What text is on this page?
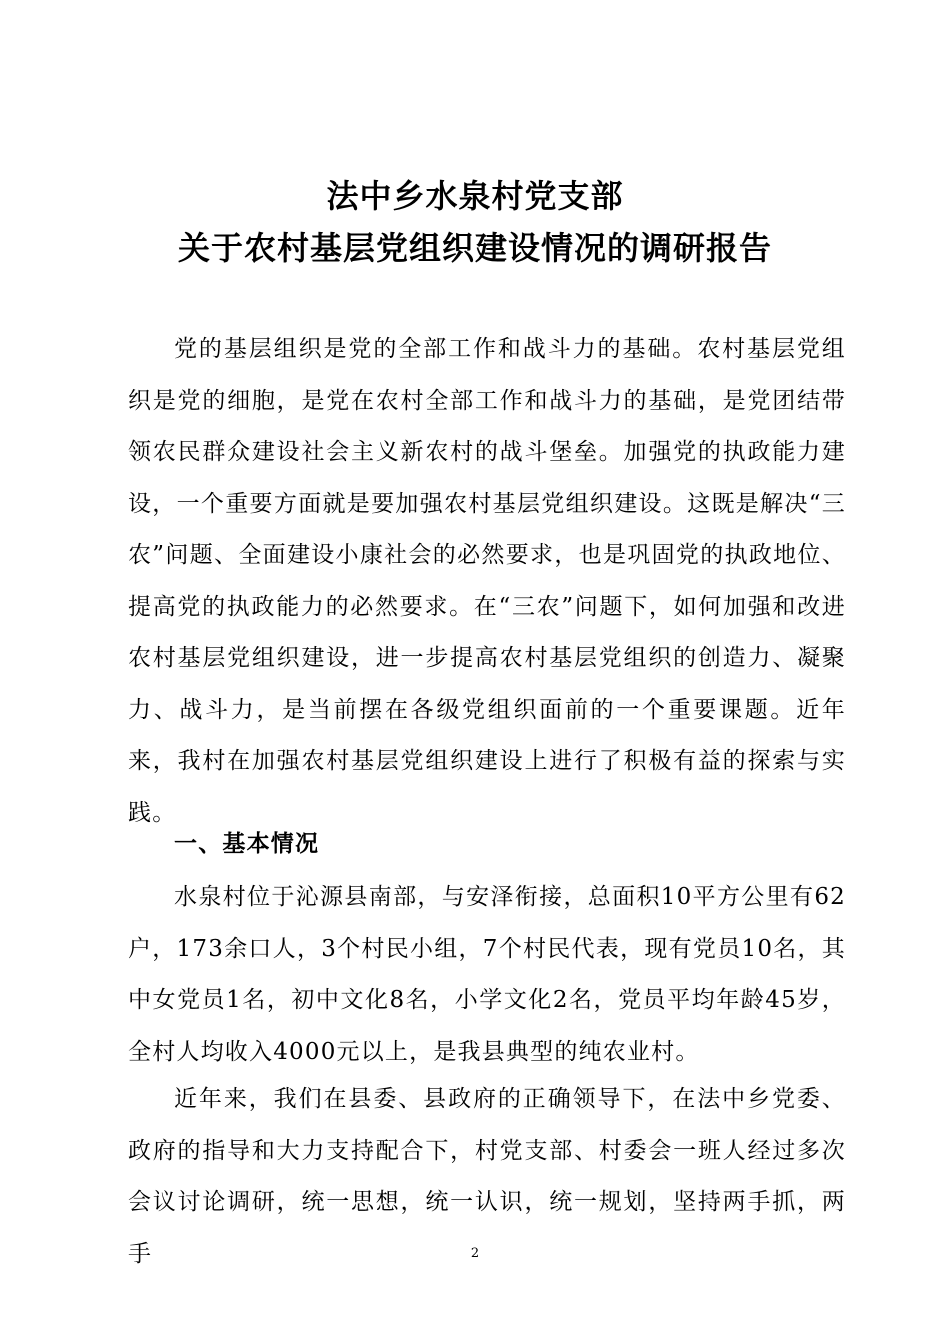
法中乡水泉村党支部
关于农村基层党组织建设情况的调研报告
党的基层组织是党的全部工作和战斗力的基础。农村基层党组织是党的细胞，是党在农村全部工作和战斗力的基础，是党团结带领农民群众建设社会主义新农村的战斗堡垒。加强党的执政能力建设，一个重要方面就是要加强农村基层党组织建设。这既是解决“三农”问题、全面建设小康社会的必然要求，也是巩固党的执政地位、提高党的执政能力的必然要求。在“三农”问题下，如何加强和改进农村基层党组织建设，进一步提高农村基层党组织的创造力、凝聚力、战斗力，是当前摆在各级党组织面前的一个重要课题。近年来，我村在加强农村基层党组织建设上进行了积极有益的探索与实践。
一、基本情况
水泉村位于沁源县南部，与安泽衔接，总面积10平方公里有62户，173余口人，3个村民小组，7个村民代表，现有党员10名，其中女党员1名，初中文化8名，小学文化2名，党员平均年龄45岁，全村人均收入4000元以上，是我县典型的纯农业村。
近年来，我们在县委、县政府的正确领导下，在法中乡党委、政府的指导和大力支持配合下，村党支部、村委会一班人经过多次会议讨论调研，统一思想，统一认识，统一规划，坚持两手抓，两手	2
